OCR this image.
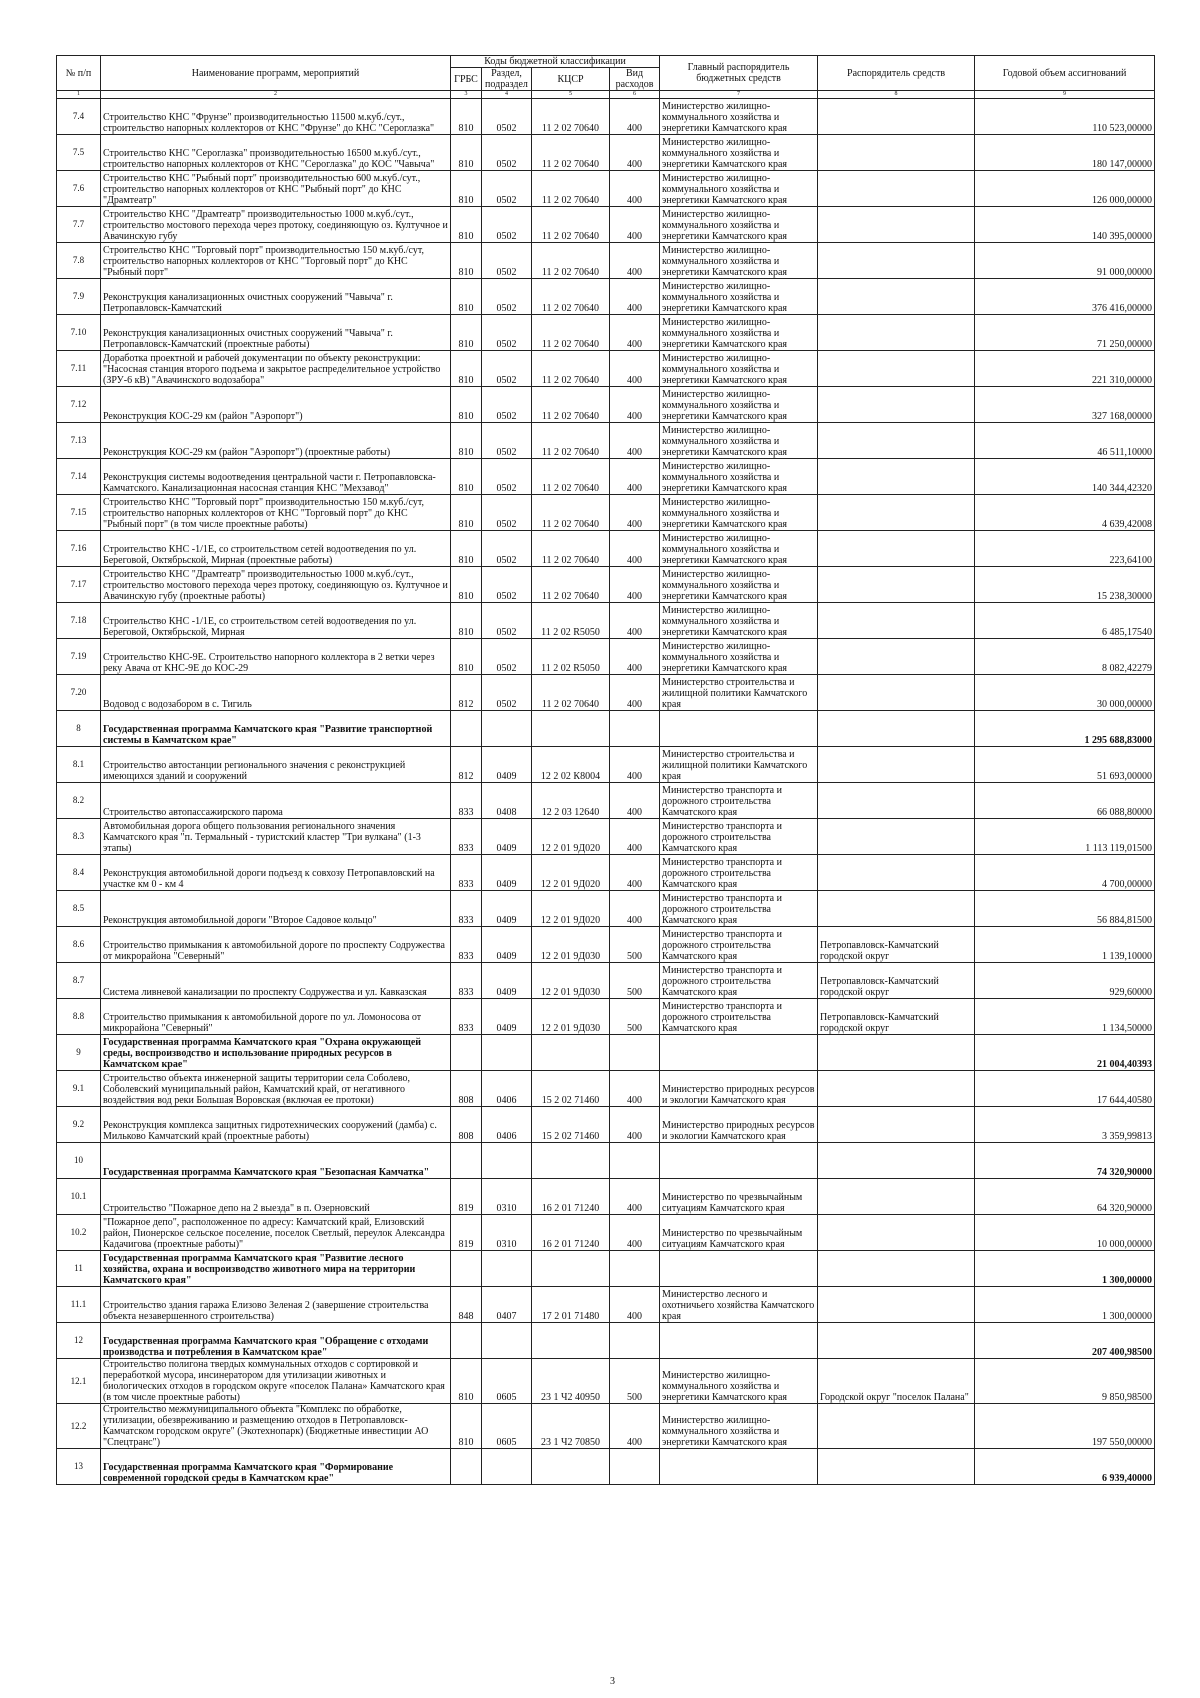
№ п/п	Наименование программ, мероприятий	Коды бюджетной классификации				Главный распорядитель бюджетных средств	Распорядитель средств	Годовой объем ассигнований
		ГРБС	Раздел, подраздел	КЦСР	Вид расходов			
1	2	3	4	5	6	7	8	9
7.4	Строительство КНС "Фрунзе" производительностью 11500 м.куб./сут., строительство напорных коллекторов от КНС "Фрунзе" до КНС "Сероглазка"	810	0502	11 2 02 70640	400	Министерство жилищно-коммунального хозяйства и энергетики Камчатского края		110 523,00000
7.5	Строительство КНС "Сероглазка" производительностью 16500 м.куб./сут., строительство напорных коллекторов от КНС "Сероглазка" до КОС "Чавыча"	810	0502	11 2 02 70640	400	Министерство жилищно-коммунального хозяйства и энергетики Камчатского края		180 147,00000
7.6	Строительство КНС "Рыбный порт" производительностью 600 м.куб./сут., строительство напорных коллекторов от КНС "Рыбный порт" до КНС "Драмтеатр"	810	0502	11 2 02 70640	400	Министерство жилищно-коммунального хозяйства и энергетики Камчатского края		126 000,00000
7.7	Строительство КНС "Драмтеатр" производительностью 1000 м.куб./сут., строительство мостового перехода через протоку, соединяющую оз. Култучное и Авачинскую губу	810	0502	11 2 02 70640	400	Министерство жилищно-коммунального хозяйства и энергетики Камчатского края		140 395,00000
7.8	Строительство КНС "Торговый порт" производительностью 150 м.куб./сут, строительство напорных коллекторов от КНС "Торговый порт" до КНС "Рыбный порт"	810	0502	11 2 02 70640	400	Министерство жилищно-коммунального хозяйства и энергетики Камчатского края		91 000,00000
7.9	Реконструкция канализационных очистных сооружений "Чавыча" г. Петропавловск-Камчатский	810	0502	11 2 02 70640	400	Министерство жилищно-коммунального хозяйства и энергетики Камчатского края		376 416,00000
7.10	Реконструкция канализационных очистных сооружений "Чавыча" г. Петропавловск-Камчатский (проектные работы)	810	0502	11 2 02 70640	400	Министерство жилищно-коммунального хозяйства и энергетики Камчатского края		71 250,00000
7.11	Доработка проектной и рабочей документации по объекту реконструкции: "Насосная станция второго подъема и закрытое распределительное устройство (ЗРУ-6 кВ) "Авачинского водозабора"	810	0502	11 2 02 70640	400	Министерство жилищно-коммунального хозяйства и энергетики Камчатского края		221 310,00000
7.12	Реконструкция КОС-29 км (район "Аэропорт")	810	0502	11 2 02 70640	400	Министерство жилищно-коммунального хозяйства и энергетики Камчатского края		327 168,00000
7.13	Реконструкция КОС-29 км (район "Аэропорт") (проектные работы)	810	0502	11 2 02 70640	400	Министерство жилищно-коммунального хозяйства и энергетики Камчатского края		46 511,10000
7.14	Реконструкция системы водоотведения центральной части г. Петропавловска-Камчатского. Канализационная насосная станция КНС "Мехзавод"	810	0502	11 2 02 70640	400	Министерство жилищно-коммунального хозяйства и энергетики Камчатского края		140 344,42320
7.15	Строительство КНС "Торговый порт" производительностью 150 м.куб./сут, строительство напорных коллекторов от КНС "Торговый порт" до КНС "Рыбный порт" (в том числе проектные работы)	810	0502	11 2 02 70640	400	Министерство жилищно-коммунального хозяйства и энергетики Камчатского края		4 639,42008
7.16	Строительство КНС -1/1Е, со строительством сетей водоотведения по ул. Береговой, Октябрьской, Мирная (проектные работы)	810	0502	11 2 02 70640	400	Министерство жилищно-коммунального хозяйства и энергетики Камчатского края		223,64100
7.17	Строительство КНС "Драмтеатр" производительностью 1000 м.куб./сут., строительство мостового перехода через протоку, соединяющую оз. Култучное и Авачинскую губу (проектные работы)	810	0502	11 2 02 70640	400	Министерство жилищно-коммунального хозяйства и энергетики Камчатского края		15 238,30000
7.18	Строительство КНС -1/1Е, со строительством сетей водоотведения по ул. Береговой, Октябрьской, Мирная	810	0502	11 2 02 R5050	400	Министерство жилищно-коммунального хозяйства и энергетики Камчатского края		6 485,17540
7.19	Строительство КНС-9Е. Строительство напорного коллектора в 2 ветки через реку Авача от КНС-9Е до КОС-29	810	0502	11 2 02 R5050	400	Министерство жилищно-коммунального хозяйства и энергетики Камчатского края		8 082,42279
7.20	Водовод с водозабором в с. Тигиль	812	0502	11 2 02 70640	400	Министерство строительства и жилищной политики Камчатского края		30 000,00000
8	Государственная программа Камчатского края "Развитие транспортной системы в Камчатском крае"							1 295 688,83000
8.1	Строительство автостанции регионального значения с реконструкцией имеющихся зданий и сооружений	812	0409	12 2 02 К8004	400	Министерство строительства и жилищной политики Камчатского края		51 693,00000
8.2	Строительство автопассажирского парома	833	0408	12 2 03 12640	400	Министерство транспорта и дорожного строительства Камчатского края		66 088,80000
8.3	Автомобильная дорога общего пользования регионального значения Камчатского края "п. Термальный - туристский кластер "Три вулкана" (1-3 этапы)	833	0409	12 2 01 9Д020	400	Министерство транспорта и дорожного строительства Камчатского края		1 113 119,01500
8.4	Реконструкция автомобильной дороги подъезд к совхозу Петропавловский на участке км 0 - км 4	833	0409	12 2 01 9Д020	400	Министерство транспорта и дорожного строительства Камчатского края		4 700,00000
8.5	Реконструкция автомобильной дороги "Второе Садовое кольцо"	833	0409	12 2 01 9Д020	400	Министерство транспорта и дорожного строительства Камчатского края		56 884,81500
8.6	Строительство примыкания к автомобильной дороге по проспекту Содружества от микрорайона "Северный"	833	0409	12 2 01 9Д030	500	Министерство транспорта и дорожного строительства Камчатского края	Петропавловск-Камчатский городской округ	1 139,10000
8.7	Система ливневой канализации по проспекту Содружества и ул. Кавказская	833	0409	12 2 01 9Д030	500	Министерство транспорта и дорожного строительства Камчатского края	Петропавловск-Камчатский городской округ	929,60000
8.8	Строительство примыкания к автомобильной дороге по ул. Ломоносова от микрорайона "Северный"	833	0409	12 2 01 9Д030	500	Министерство транспорта и дорожного строительства Камчатского края	Петропавловск-Камчатский городской округ	1 134,50000
9	Государственная программа Камчатского края "Охрана окружающей среды, воспроизводство и использование природных ресурсов в Камчатском крае"							21 004,40393
9.1	Строительство объекта инженерной защиты территории села Соболево, Соболевский муниципальный район, Камчатский край, от негативного воздействия вод реки Большая Воровская (включая ее протоки)	808	0406	15 2 02 71460	400	Министерство природных ресурсов и экологии Камчатского края		17 644,40580
9.2	Реконструкция комплекса защитных гидротехнических сооружений (дамба) с. Мильково Камчатский край (проектные работы)	808	0406	15 2 02 71460	400	Министерство природных ресурсов и экологии Камчатского края		3 359,99813
10	Государственная программа Камчатского края "Безопасная Камчатка"							74 320,90000
10.1	Строительство "Пожарное депо на 2 выезда" в п. Озерновский	819	0310	16 2 01 71240	400	Министерство по чрезвычайным ситуациям Камчатского края		64 320,90000
10.2	"Пожарное депо", расположенное по адресу: Камчатский край, Елизовский район, Пионерское сельское поселение, поселок Светлый, переулок Александра Кадачигова (проектные работы)"	819	0310	16 2 01 71240	400	Министерство по чрезвычайным ситуациям Камчатского края		10 000,00000
11	Государственная программа Камчатского края "Развитие лесного хозяйства, охрана и воспроизводство животного мира на территории Камчатского края"							1 300,00000
11.1	Строительство здания гаража Елизово Зеленая 2 (завершение строительства объекта незавершенного строительства)	848	0407	17 2 01 71480	400	Министерство лесного и охотничьего хозяйства Камчатского края		1 300,00000
12	Государственная программа Камчатского края "Обращение с отходами производства и потребления в Камчатском крае"							207 400,98500
12.1	Строительство полигона твердых коммунальных отходов с сортировкой и переработкой мусора, инсинератором для утилизации животных и биологических отходов в городском округе «поселок Палана» Камчатского края (в том числе проектные работы)	810	0605	23 1 Ч2 40950	500	Министерство жилищно-коммунального хозяйства и энергетики Камчатского края	Городской округ "поселок Палана"	9 850,98500
12.2	Строительство межмуниципального объекта "Комплекс по обработке, утилизации, обезвреживанию и размещению отходов в Петропавловск-Камчатском городском округе" (Экотехнопарк) (Бюджетные инвестиции АО "Спецтранс")	810	0605	23 1 Ч2 70850	400	Министерство жилищно-коммунального хозяйства и энергетики Камчатского края		197 550,00000
13	Государственная программа Камчатского края "Формирование современной городской среды в Камчатском крае"							6 939,40000
3
